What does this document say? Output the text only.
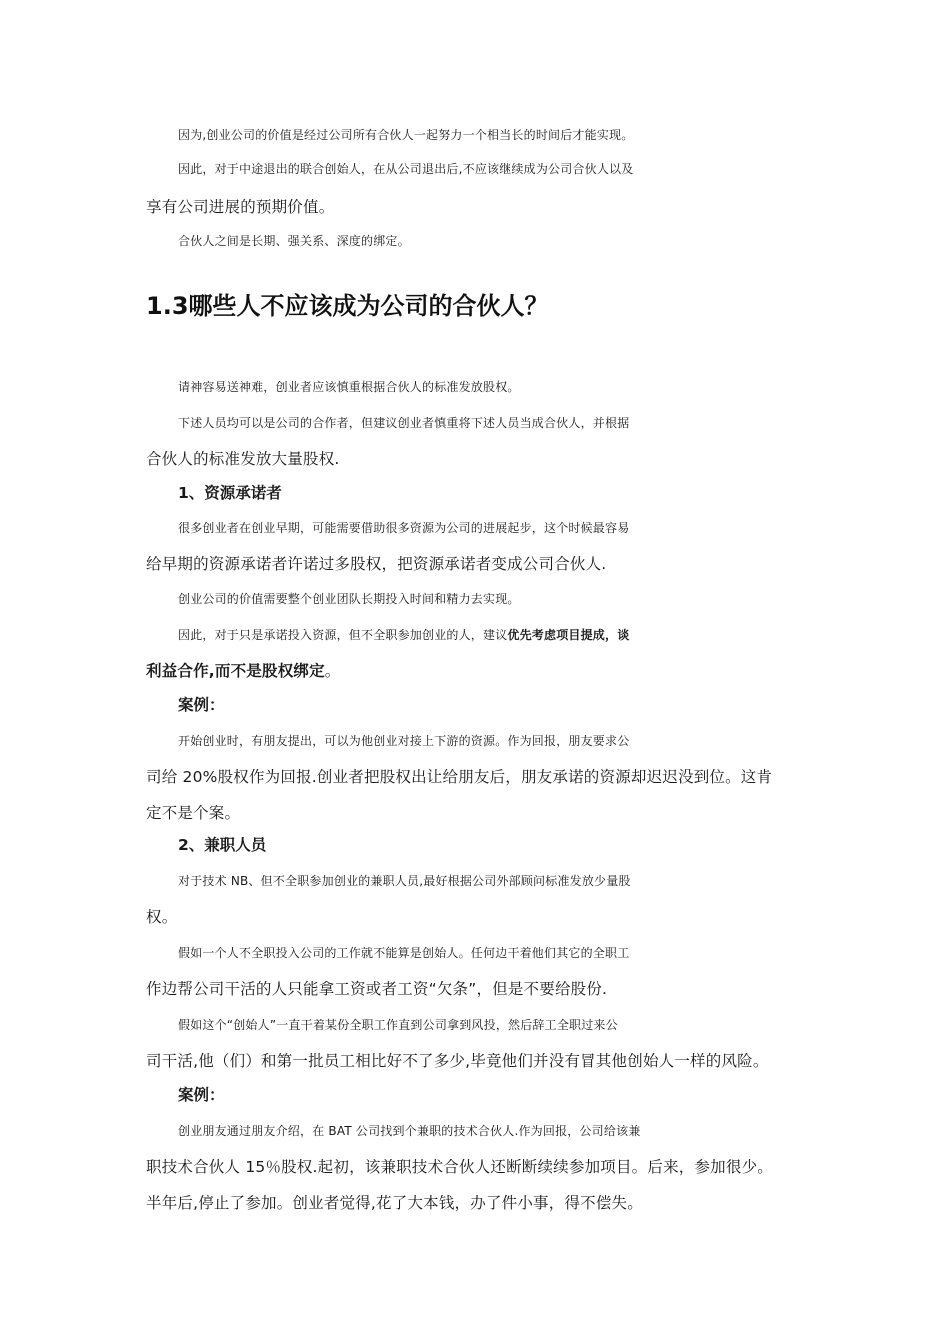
因为,创业公司的价值是经过公司所有合伙人一起努力一个相当长的时间后才能实现。

因此，对于中途退出的联合创始人，在从公司退出后,不应该继续成为公司合伙人以及

享有公司进展的预期价值。

合伙人之间是长期、强关系、深度的绑定。

1.3哪些人不应该成为公司的合伙人？

请神容易送神难，创业者应该慎重根据合伙人的标准发放股权。

下述人员均可以是公司的合作者，但建议创业者慎重将下述人员当成合伙人，并根据

合伙人的标准发放大量股权.

1、资源承诺者

很多创业者在创业早期，可能需要借助很多资源为公司的进展起步，这个时候最容易

给早期的资源承诺者许诺过多股权，把资源承诺者变成公司合伙人.

创业公司的价值需要整个创业团队长期投入时间和精力去实现。

因此，对于只是承诺投入资源，但不全职参加创业的人，建议优先考虑项目提成，谈

利益合作,而不是股权绑定。

案例：

开始创业时，有朋友提出，可以为他创业对接上下游的资源。作为回报，朋友要求公

司给 20%股权作为回报.创业者把股权出让给朋友后，朋友承诺的资源却迟迟没到位。这肯

定不是个案。

2、兼职人员

对于技术 NB、但不全职参加创业的兼职人员,最好根据公司外部顾问标准发放少量股

权。

假如一个人不全职投入公司的工作就不能算是创始人。任何边干着他们其它的全职工

作边帮公司干活的人只能拿工资或者工资“欠条”，但是不要给股份.

假如这个“创始人”一直干着某份全职工作直到公司拿到风投，然后辞工全职过来公

司干活,他（们）和第一批员工相比好不了多少,毕竟他们并没有冒其他创始人一样的风险。

案例：

创业朋友通过朋友介绍，在 BAT 公司找到个兼职的技术合伙人.作为回报，公司给该兼

职技术合伙人 15％股权.起初，该兼职技术合伙人还断断续续参加项目。后来，参加很少。

半年后,停止了参加。创业者觉得,花了大本钱，办了件小事，得不偿失。
